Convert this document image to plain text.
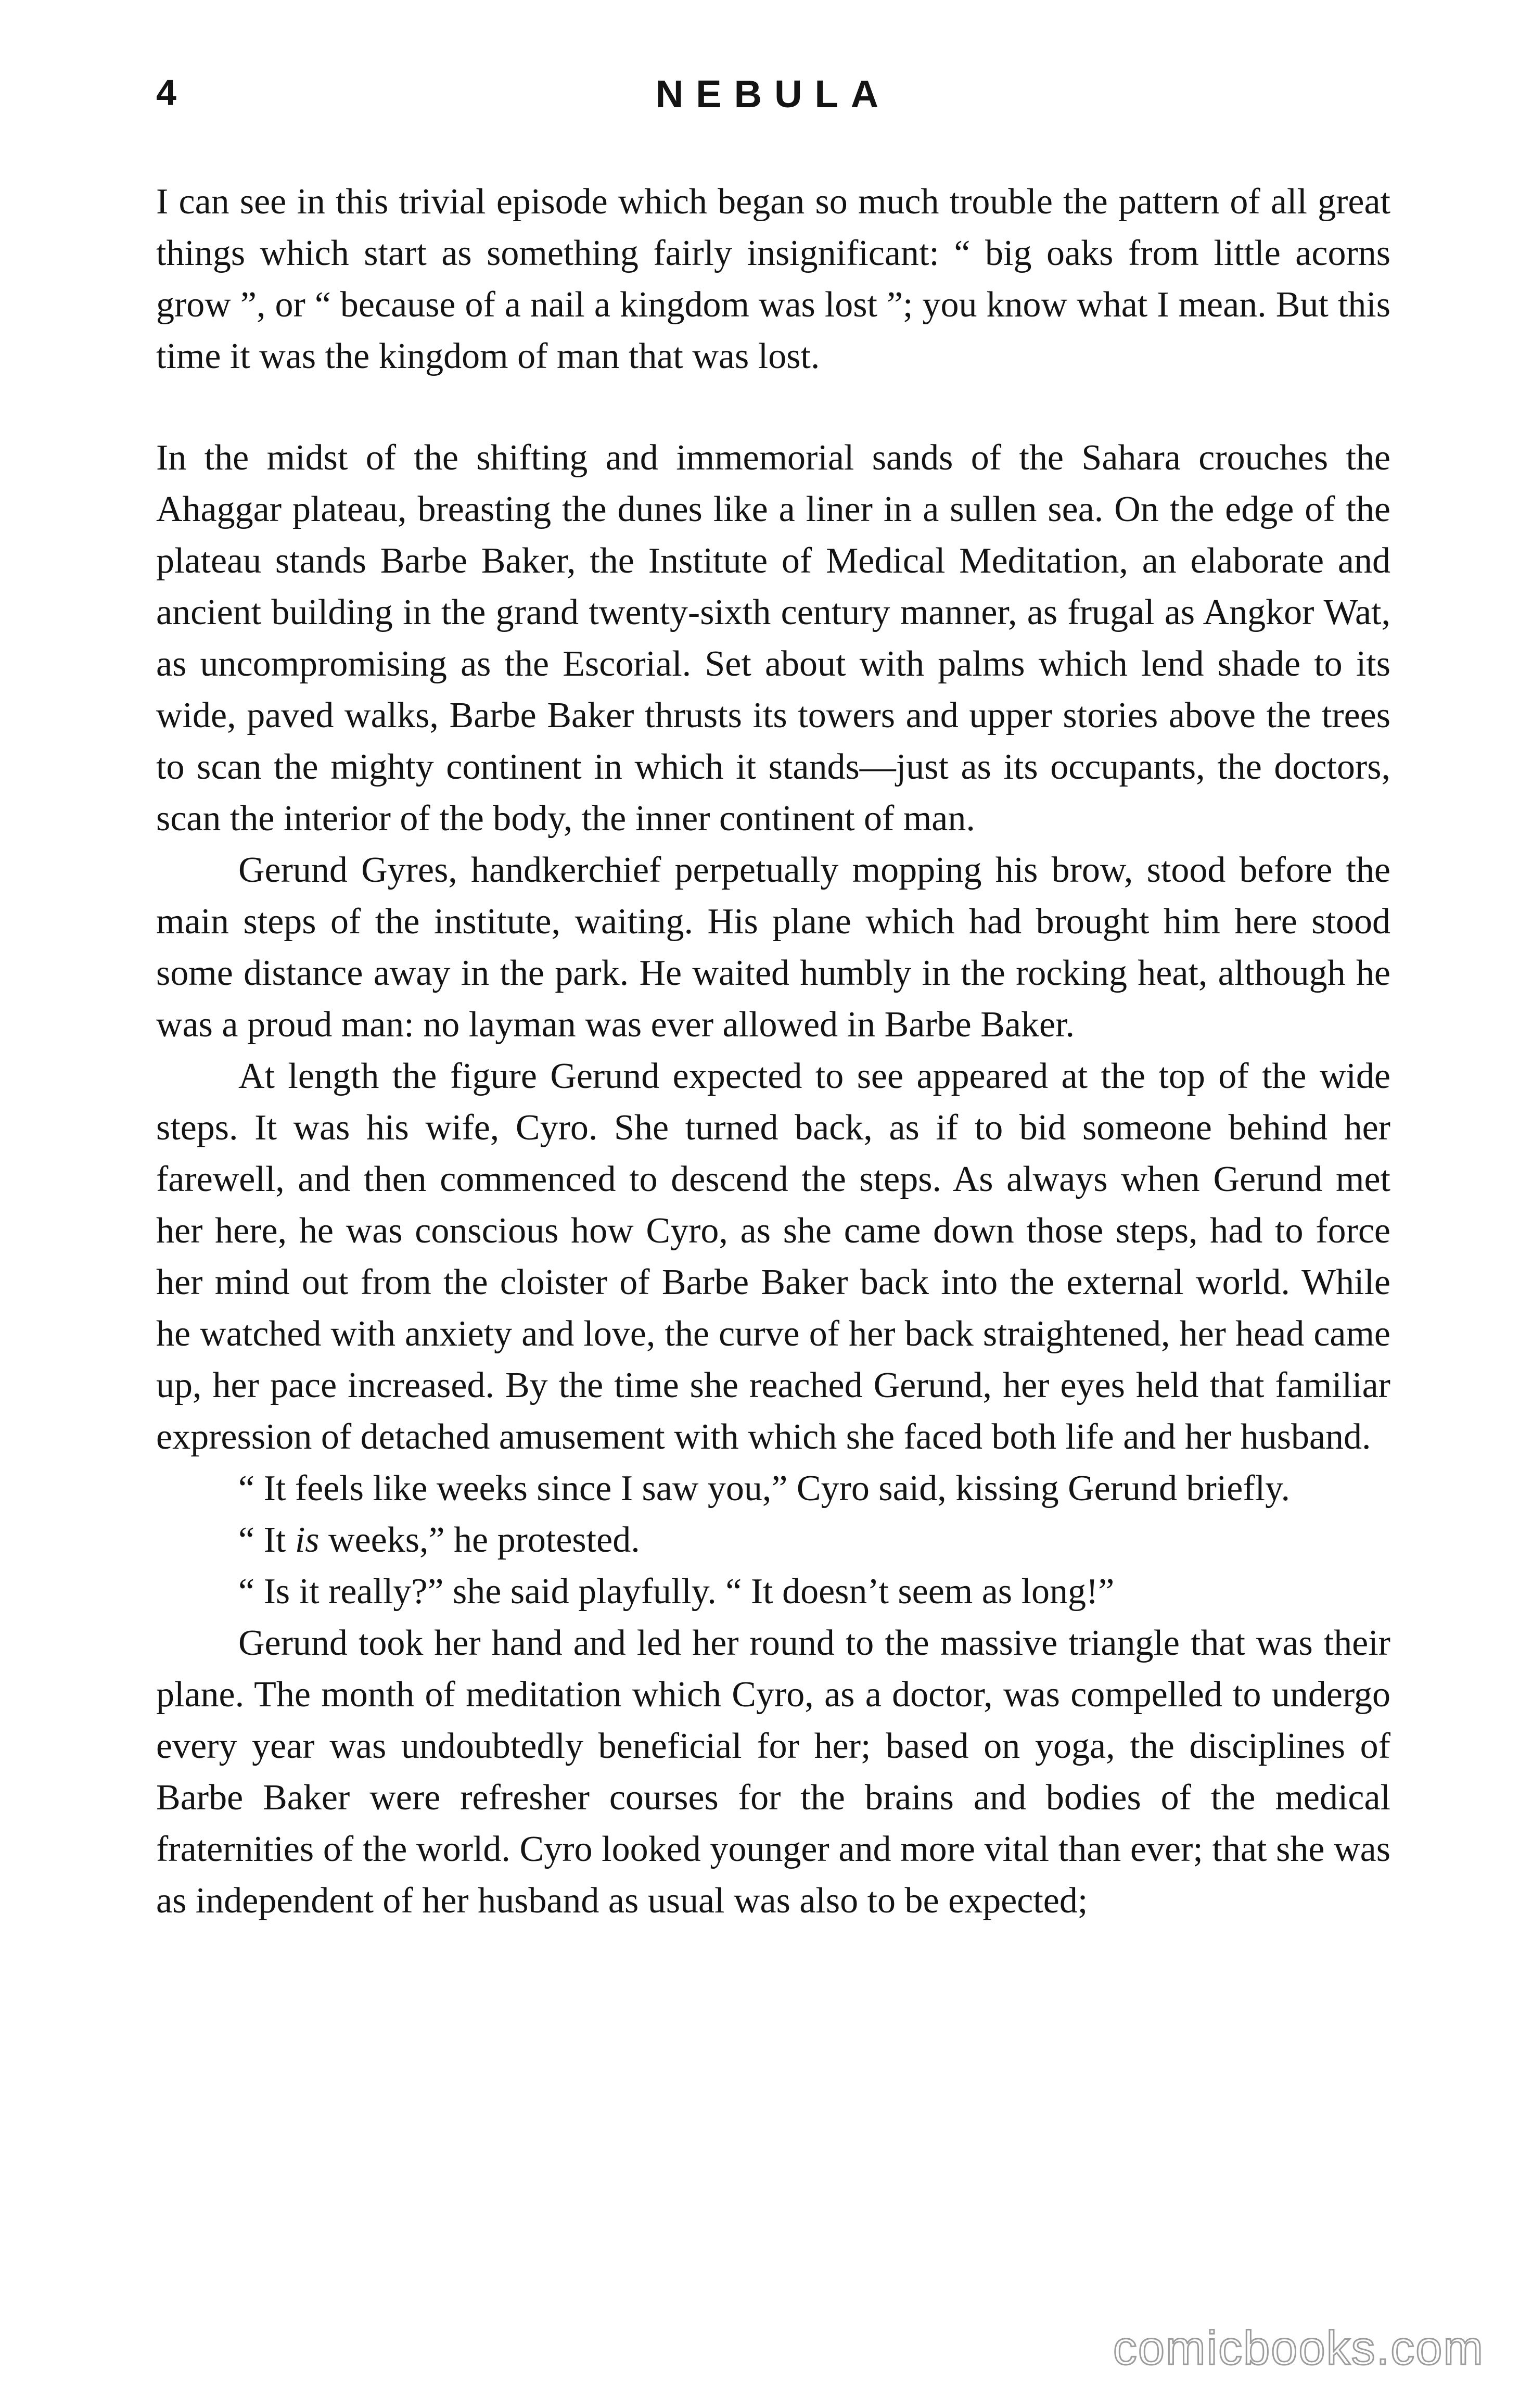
4	NEBULA

I can see in this trivial episode which began so much trouble the pattern of all great things which start as something fairly insignificant: “ big oaks from little acorns grow ”, or “ because of a nail a kingdom was lost ”; you know what I mean. But this time it was the kingdom of man that was lost.

In the midst of the shifting and immemorial sands of the Sahara crouches the Ahaggar plateau, breasting the dunes like a liner in a sullen sea. On the edge of the plateau stands Barbe Baker, the Institute of Medical Meditation, an elaborate and ancient building in the grand twenty-sixth century manner, as frugal as Angkor Wat, as uncompromising as the Escorial. Set about with palms which lend shade to its wide, paved walks, Barbe Baker thrusts its towers and upper stories above the trees to scan the mighty continent in which it stands—just as its occupants, the doctors, scan the interior of the body, the inner continent of man.

Gerund Gyres, handkerchief perpetually mopping his brow, stood before the main steps of the institute, waiting. His plane which had brought him here stood some distance away in the park. He waited humbly in the rocking heat, although he was a proud man: no layman was ever allowed in Barbe Baker.

At length the figure Gerund expected to see appeared at the top of the wide steps. It was his wife, Cyro. She turned back, as if to bid someone behind her farewell, and then commenced to descend the steps. As always when Gerund met her here, he was conscious how Cyro, as she came down those steps, had to force her mind out from the cloister of Barbe Baker back into the external world. While he watched with anxiety and love, the curve of her back straightened, her head came up, her pace increased. By the time she reached Gerund, her eyes held that familiar expression of detached amusement with which she faced both life and her husband.

“ It feels like weeks since I saw you,” Cyro said, kissing Gerund briefly.

“ It is weeks,” he protested.

“ Is it really?” she said playfully. “ It doesn’t seem as long!”

Gerund took her hand and led her round to the massive triangle that was their plane. The month of meditation which Cyro, as a doctor, was compelled to undergo every year was undoubtedly beneficial for her; based on yoga, the disciplines of Barbe Baker were refresher courses for the brains and bodies of the medical fraternities of the world. Cyro looked younger and more vital than ever; that she was as independent of her husband as usual was also to be expected;

comicbooks.com
